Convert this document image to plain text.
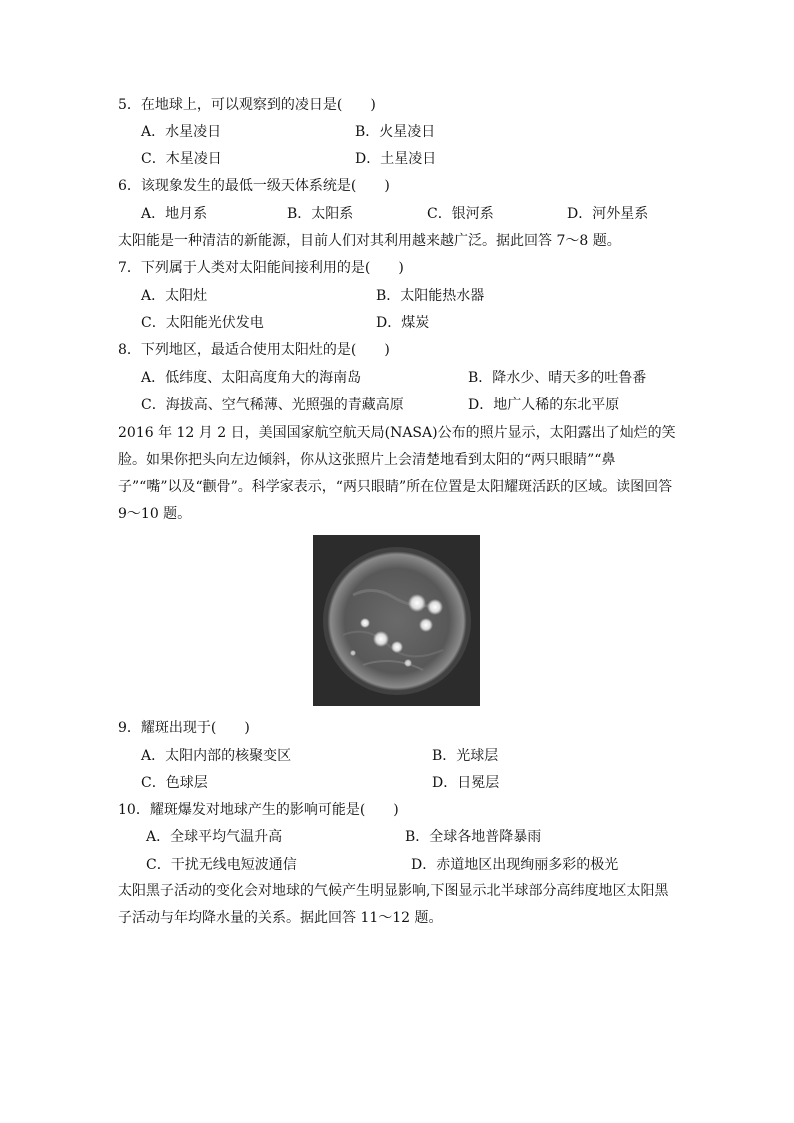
5．在地球上，可以观察到的凌日是(　　)
A．水星凌日	B．火星凌日
C．木星凌日	D．土星凌日
6．该现象发生的最低一级天体系统是(　　)
A．地月系	B．太阳系	C．银河系	D．河外星系
太阳能是一种清洁的新能源，目前人们对其利用越来越广泛。据此回答 7～8 题。
7．下列属于人类对太阳能间接利用的是(　　)
A．太阳灶	B．太阳能热水器
C．太阳能光伏发电	D．煤炭
8．下列地区，最适合使用太阳灶的是(　　)
A．低纬度、太阳高度角大的海南岛	B．降水少、晴天多的吐鲁番
C．海拔高、空气稀薄、光照强的青藏高原	D．地广人稀的东北平原
2016 年 12 月 2 日，美国国家航空航天局(NASA)公布的照片显示，太阳露出了灿烂的笑脸。如果你把头向左边倾斜，你从这张照片上会清楚地看到太阳的“两只眼睛”“鼻子”“嘴”以及“颧骨”。科学家表示，“两只眼睛”所在位置是太阳耀斑活跃的区域。读图回答 9～10 题。
9．耀斑出现于(　　)
A．太阳内部的核聚变区	B．光球层
C．色球层	D．日冕层
10．耀斑爆发对地球产生的影响可能是(　　)
A．全球平均气温升高	B．全球各地普降暴雨
C．干扰无线电短波通信	D．赤道地区出现绚丽多彩的极光
太阳黑子活动的变化会对地球的气候产生明显影响,下图显示北半球部分高纬度地区太阳黑子活动与年均降水量的关系。据此回答 11～12 题。
